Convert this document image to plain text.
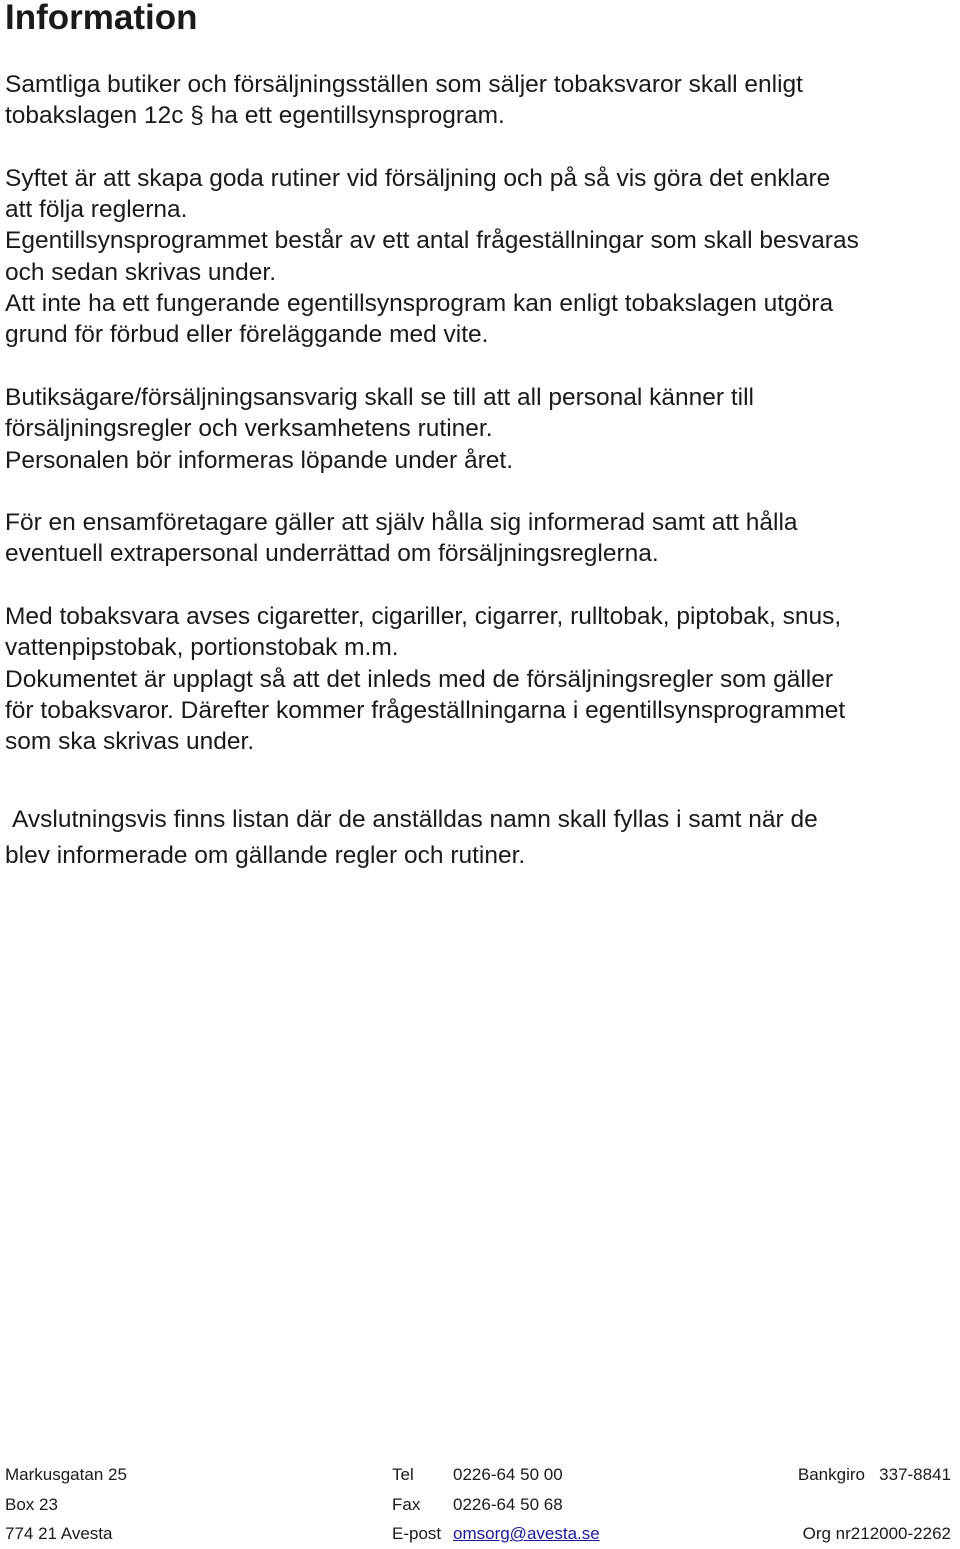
Information

Samtliga butiker och försäljningsställen som säljer tobaksvaror skall enligt
tobakslagen 12c § ha ett egentillsynsprogram.

Syftet är att skapa goda rutiner vid försäljning och på så vis göra det enklare
att följa reglerna.
Egentillsynsprogrammet består av ett antal frågeställningar som skall besvaras
och sedan skrivas under.
Att inte ha ett fungerande egentillsynsprogram kan enligt tobakslagen utgöra
grund för förbud eller föreläggande med vite.

Butiksägare/försäljningsansvarig skall se till att all personal känner till
försäljningsregler och verksamhetens rutiner.
Personalen bör informeras löpande under året.

För en ensamföretagare gäller att själv hålla sig informerad samt att hålla
eventuell extrapersonal underrättad om försäljningsreglerna.

Med tobaksvara avses cigaretter, cigariller, cigarrer, rulltobak, piptobak, snus,
vattenpipstobak, portionstobak m.m.
Dokumentet är upplagt så att det inleds med de försäljningsregler som gäller
för tobaksvaror. Därefter kommer frågeställningarna i egentillsynsprogrammet
som ska skrivas under.

Avslutningsvis finns listan där de anställdas namn skall fyllas i samt när de
blev informerade om gällande regler och rutiner.

Markusgatan 25	Tel 0226-64 50 00	Bankgiro   337-8841
Box 23	Fax 0226-64 50 68
774 21 Avesta	E-post omsorg@avesta.se	Org nr212000-2262
